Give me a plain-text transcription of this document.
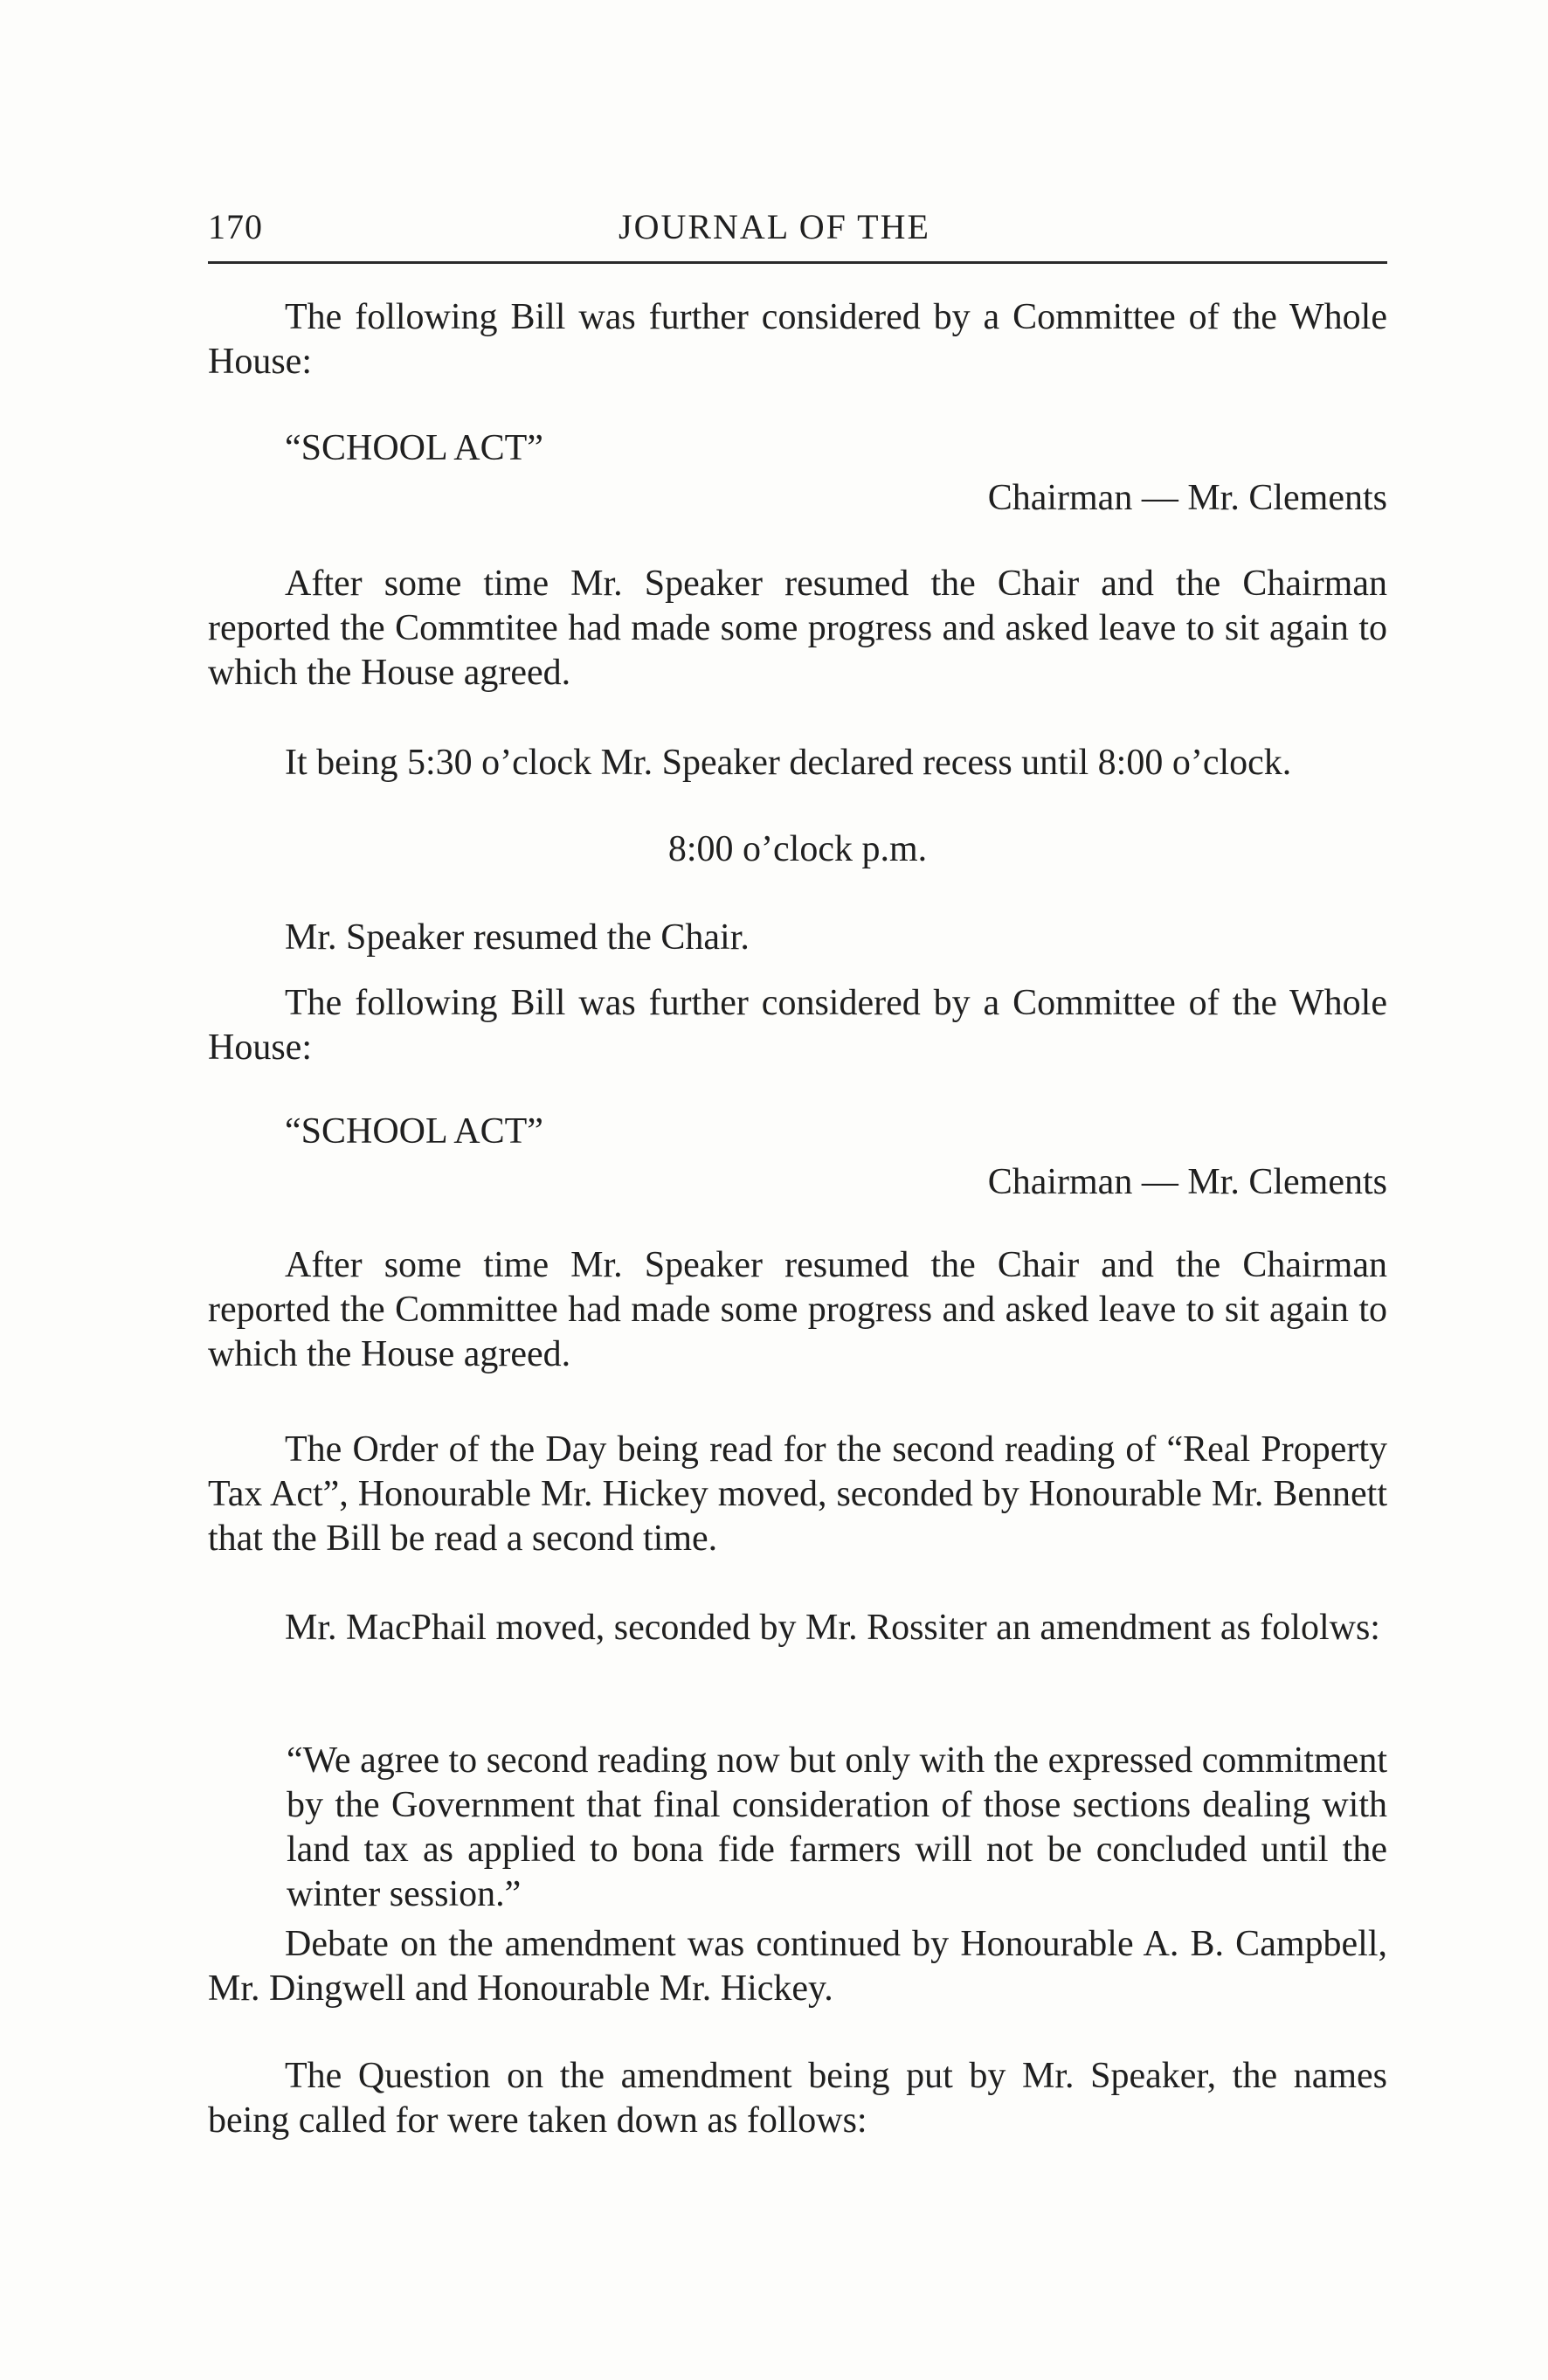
170	JOURNAL OF THE

The following Bill was further considered by a Committee of the Whole House:

“SCHOOL ACT”
Chairman — Mr. Clements

After some time Mr. Speaker resumed the Chair and the Chairman reported the Commtitee had made some progress and asked leave to sit again to which the House agreed.

It being 5:30 o’clock Mr. Speaker declared recess until 8:00 o’clock.

8:00 o’clock p.m.

Mr. Speaker resumed the Chair.

The following Bill was further considered by a Committee of the Whole House:

“SCHOOL ACT”
Chairman — Mr. Clements

After some time Mr. Speaker resumed the Chair and the Chairman reported the Committee had made some progress and asked leave to sit again to which the House agreed.

The Order of the Day being read for the second reading of “Real Property Tax Act”, Honourable Mr. Hickey moved, seconded by Honourable Mr. Bennett that the Bill be read a second time.

Mr. MacPhail moved, seconded by Mr. Rossiter an amendment as fololws:

“We agree to second reading now but only with the expressed commitment by the Government that final consideration of those sections dealing with land tax as applied to bona fide farmers will not be concluded until the winter session.”

Debate on the amendment was continued by Honourable A. B. Campbell, Mr. Dingwell and Honourable Mr. Hickey.

The Question on the amendment being put by Mr. Speaker, the names being called for were taken down as follows:
